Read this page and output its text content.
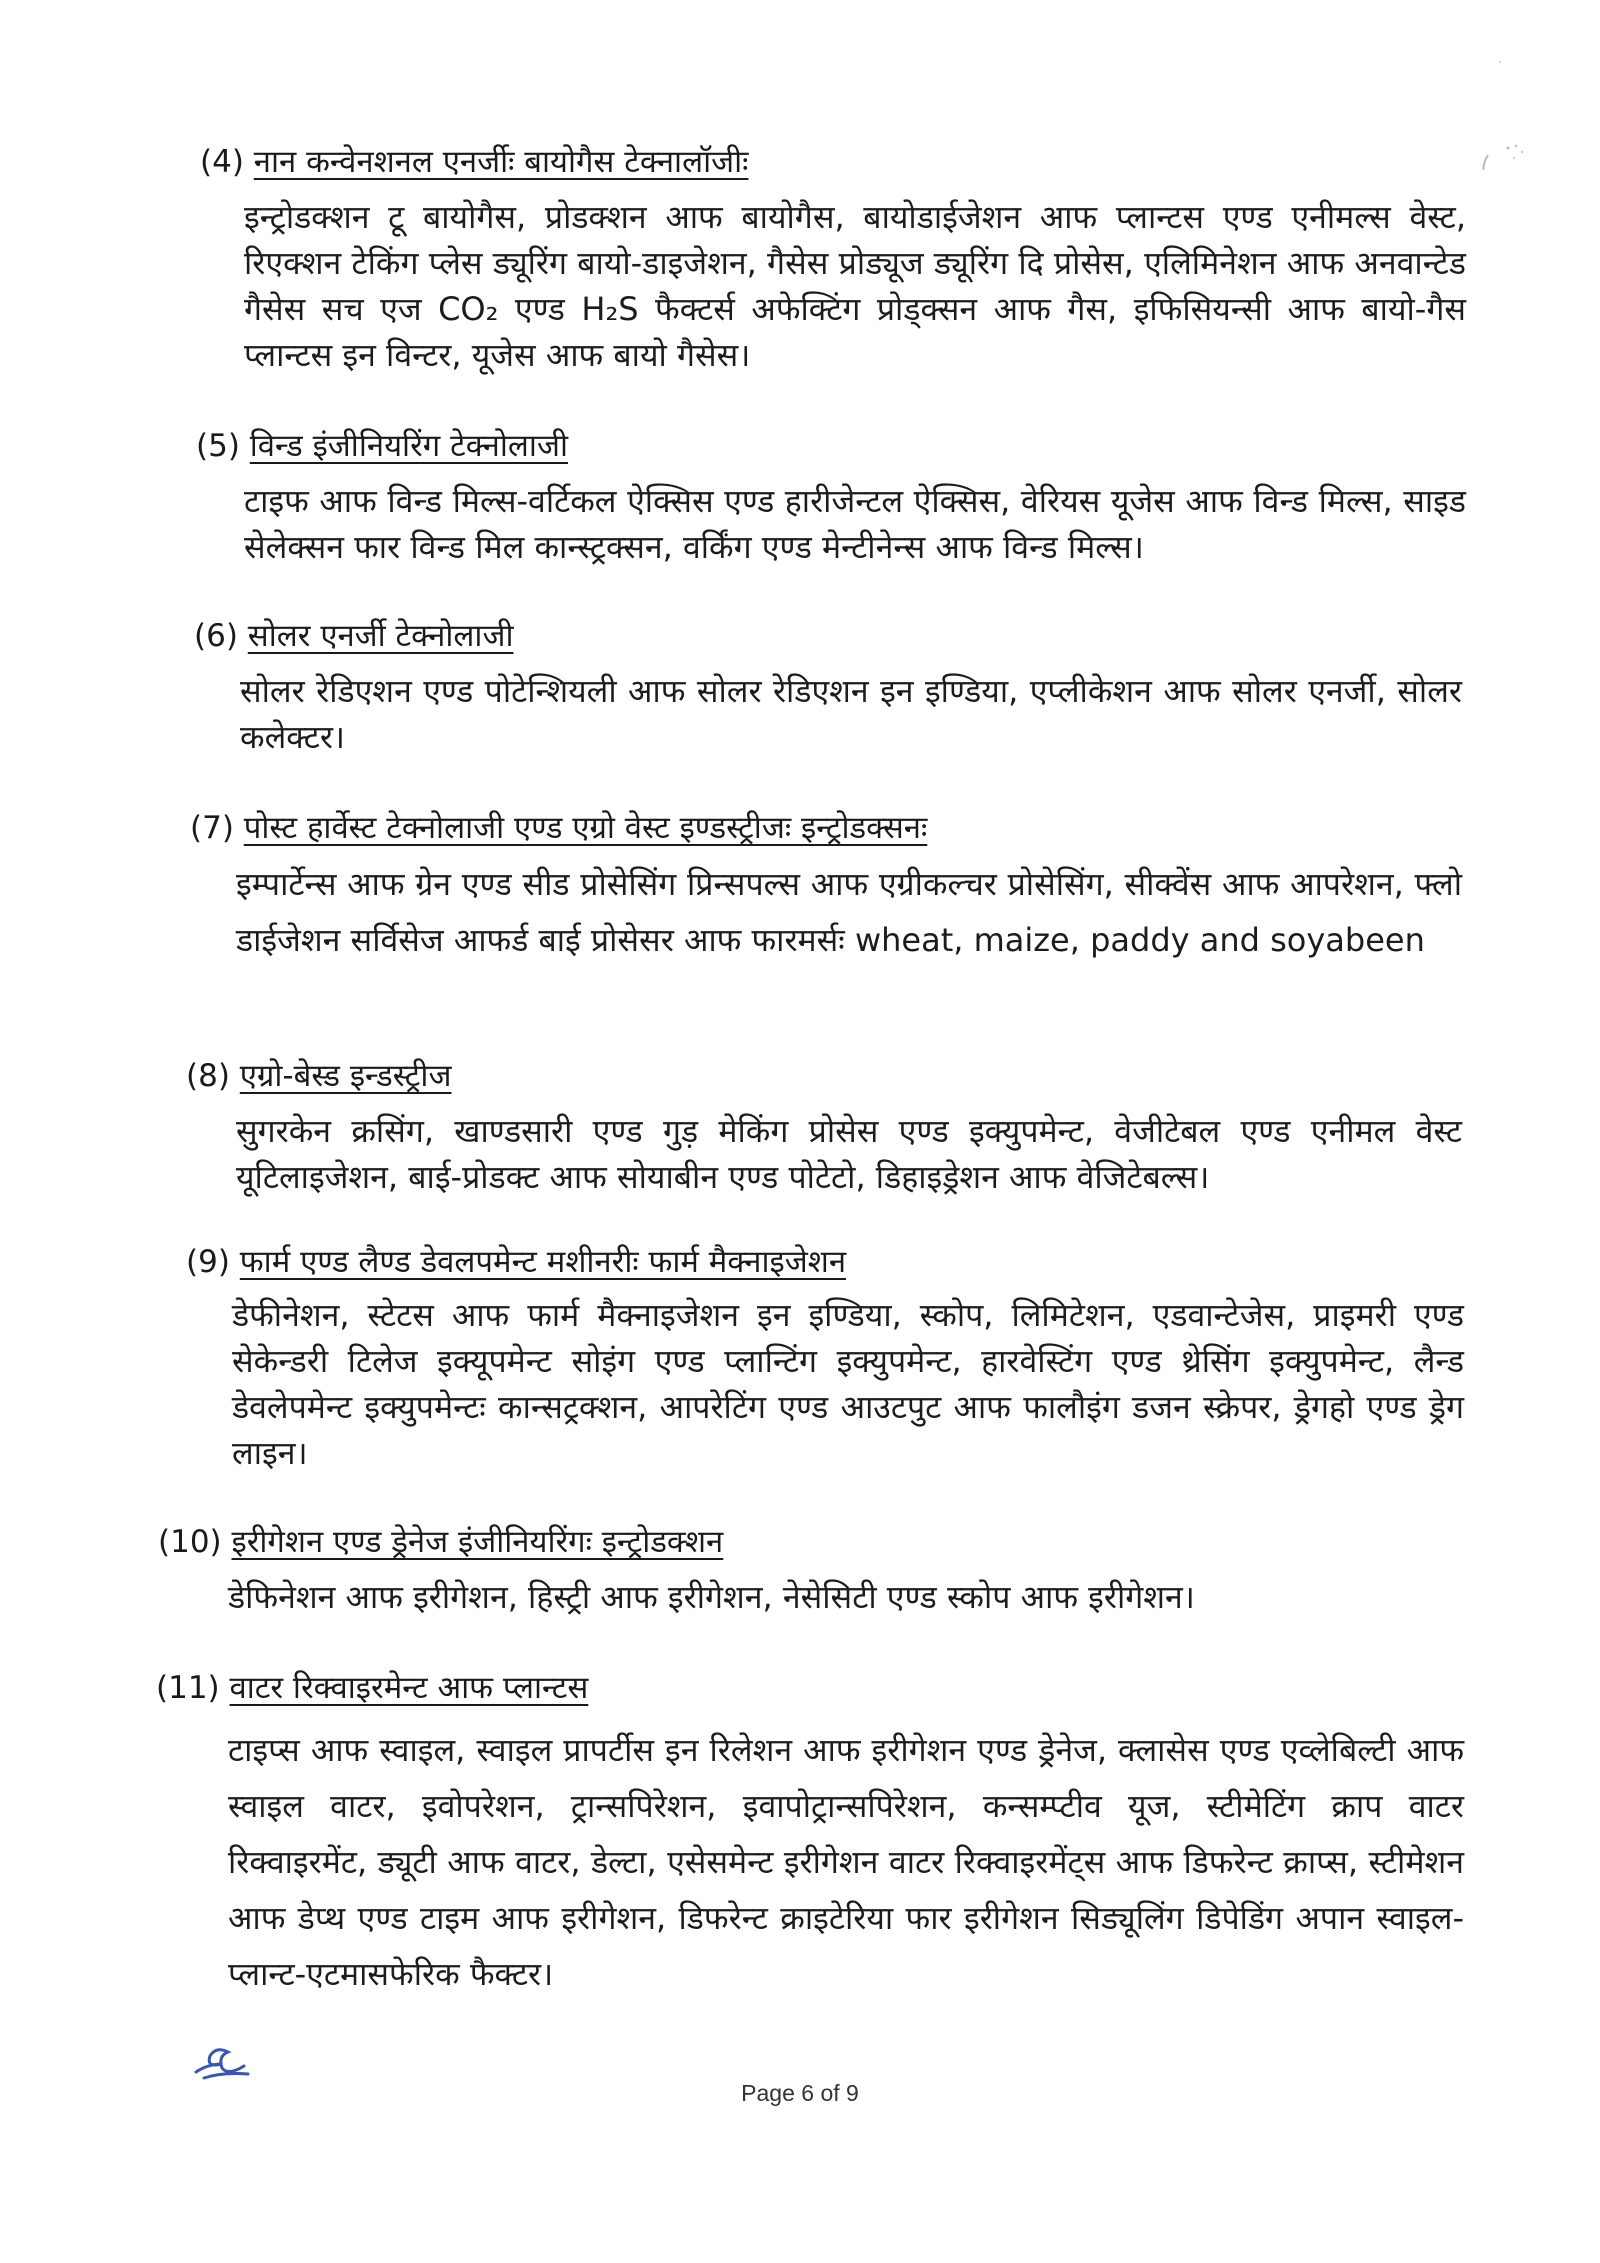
(4) नान कन्वेनशनल एनर्जीः बायोगैस टेक्नालॉजीः
इन्ट्रोडक्शन टू बायोगैस, प्रोडक्शन आफ बायोगैस, बायोडाईजेशन आफ प्लान्टस एण्ड एनीमल्स वेस्ट, रिएक्शन टेकिंग प्लेस ड्यूरिंग बायो-डाइजेशन, गैसेस प्रोड्यूज ड्यूरिंग दि प्रोसेस, एलिमिनेशन आफ अनवान्टेड गैसेस सच एज CO₂ एण्ड H₂S फैक्टर्स अफेक्टिंग प्रोड्क्सन आफ गैस, इफिसियन्सी आफ बायो-गैस प्लान्टस इन विन्टर, यूजेस आफ बायो गैसेस।
(5) विन्ड इंजीनियरिंग टेक्नोलाजी
टाइफ आफ विन्ड मिल्स-वर्टिकल ऐक्सिस एण्ड हारीजेन्टल ऐक्सिस, वेरियस यूजेस आफ विन्ड मिल्स, साइड सेलेक्सन फार विन्ड मिल कान्स्ट्रक्सन, वर्किंग एण्ड मेन्टीनेन्स आफ विन्ड मिल्स।
(6) सोलर एनर्जी टेक्नोलाजी
सोलर रेडिएशन एण्ड पोटेन्शियली आफ सोलर रेडिएशन इन इण्डिया, एप्लीकेशन आफ सोलर एनर्जी, सोलर कलेक्टर।
(7) पोस्ट हार्वेस्ट टेक्नोलाजी एण्ड एग्रो वेस्ट इण्डस्ट्रीजः इन्ट्रोडक्सनः
इम्पार्टेन्स आफ ग्रेन एण्ड सीड प्रोसेसिंग प्रिन्सपल्स आफ एग्रीकल्चर प्रोसेसिंग, सीक्वेंस आफ आपरेशन, फ्लो डाईजेशन सर्विसेज आफर्ड बाई प्रोसेसर आफ फारमर्सः wheat, maize, paddy and soyabeen
(8) एग्रो-बेस्ड इन्डस्ट्रीज
सुगरकेन क्रसिंग, खाण्डसारी एण्ड गुड़ मेकिंग प्रोसेस एण्ड इक्युपमेन्ट, वेजीटेबल एण्ड एनीमल वेस्ट यूटिलाइजेशन, बाई-प्रोडक्ट आफ सोयाबीन एण्ड पोटेटो, डिहाइड्रेशन आफ वेजिटेबल्स।
(9) फार्म एण्ड लैण्ड डेवलपमेन्ट मशीनरीः फार्म मैक्नाइजेशन
डेफीनेशन, स्टेटस आफ फार्म मैक्नाइजेशन इन इण्डिया, स्कोप, लिमिटेशन, एडवान्टेजेस, प्राइमरी एण्ड सेकेन्डरी टिलेज इक्यूपमेन्ट सोइंग एण्ड प्लान्टिंग इक्युपमेन्ट, हारवेस्टिंग एण्ड थ्रेसिंग इक्युपमेन्ट, लैन्ड डेवलेपमेन्ट इक्युपमेन्टः कान्सट्रक्शन, आपरेटिंग एण्ड आउटपुट आफ फालौइंग डजन स्क्रेपर, ड्रेगहो एण्ड ड्रेग लाइन।
(10) इरीगेशन एण्ड ड्रेनेज इंजीनियरिंगः इन्ट्रोडक्शन
डेफिनेशन आफ इरीगेशन, हिस्ट्री आफ इरीगेशन, नेसेसिटी एण्ड स्कोप आफ इरीगेशन।
(11) वाटर रिक्वाइरमेन्ट आफ प्लान्टस
टाइप्स आफ स्वाइल, स्वाइल प्रापर्टीस इन रिलेशन आफ इरीगेशन एण्ड ड्रेनेज, क्लासेस एण्ड एव्लेबिल्टी आफ स्वाइल वाटर, इवोपरेशन, ट्रान्सपिरेशन, इवापोट्रान्सपिरेशन, कन्सम्प्टीव यूज, स्टीमेटिंग क्राप वाटर रिक्वाइरमेंट, ड्यूटी आफ वाटर, डेल्टा, एसेसमेन्ट इरीगेशन वाटर रिक्वाइरमेंट्स आफ डिफरेन्ट क्राप्स, स्टीमेशन आफ डेप्थ एण्ड टाइम आफ इरीगेशन, डिफरेन्ट क्राइटेरिया फार इरीगेशन सिड्यूलिंग डिपेडिंग अपान स्वाइल-प्लान्ट-एटमासफेरिक फैक्टर।
Page 6 of 9
